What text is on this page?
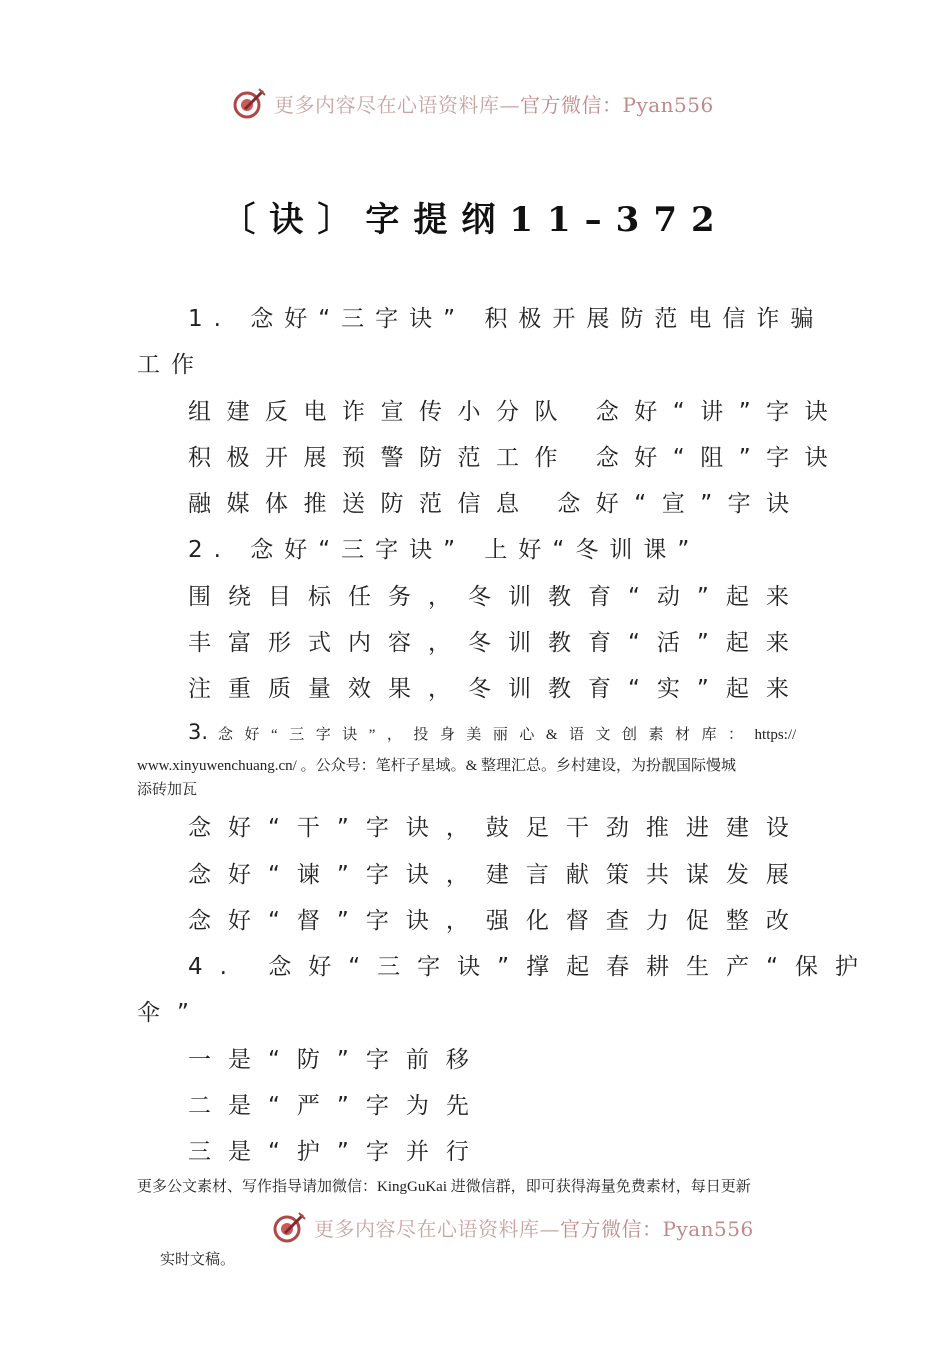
更多内容尽在心语资料库—官方微信：Pyan556
〔诀〕字提纲11–372
1. 念好“三字诀” 积极开展防范电信诈骗
工作
组建反电诈宣传小分队 念好“讲”字诀
积极开展预警防范工作 念好“阻”字诀
融媒体推送防范信息 念好“宣”字诀
2. 念好“三字诀” 上好“冬训课”
围绕目标任务，冬训教育“动”起来
丰富形式内容，冬训教育“活”起来
注重质量效果，冬训教育“实”起来
3. 念好“三字诀”，投身美丽心&语文创素材库：https://
www.xinyuwenchuang.cn/ 。公众号：笔杆子星域。& 整理汇总。乡村建设，为扮靓国际慢城
添砖加瓦
念好“干”字诀，鼓足干劲推进建设
念好“谏”字诀，建言献策共谋发展
念好“督”字诀，强化督查力促整改
4. 念好“三字诀”撑起春耕生产“保护
伞”
一是“防”字前移
二是“严”字为先
三是“护”字并行
更多公文素材、写作指导请加微信：KingGuKai 进微信群，即可获得海量免费素材，每日更新
更多内容尽在心语资料库—官方微信：Pyan556
实时文稿。
